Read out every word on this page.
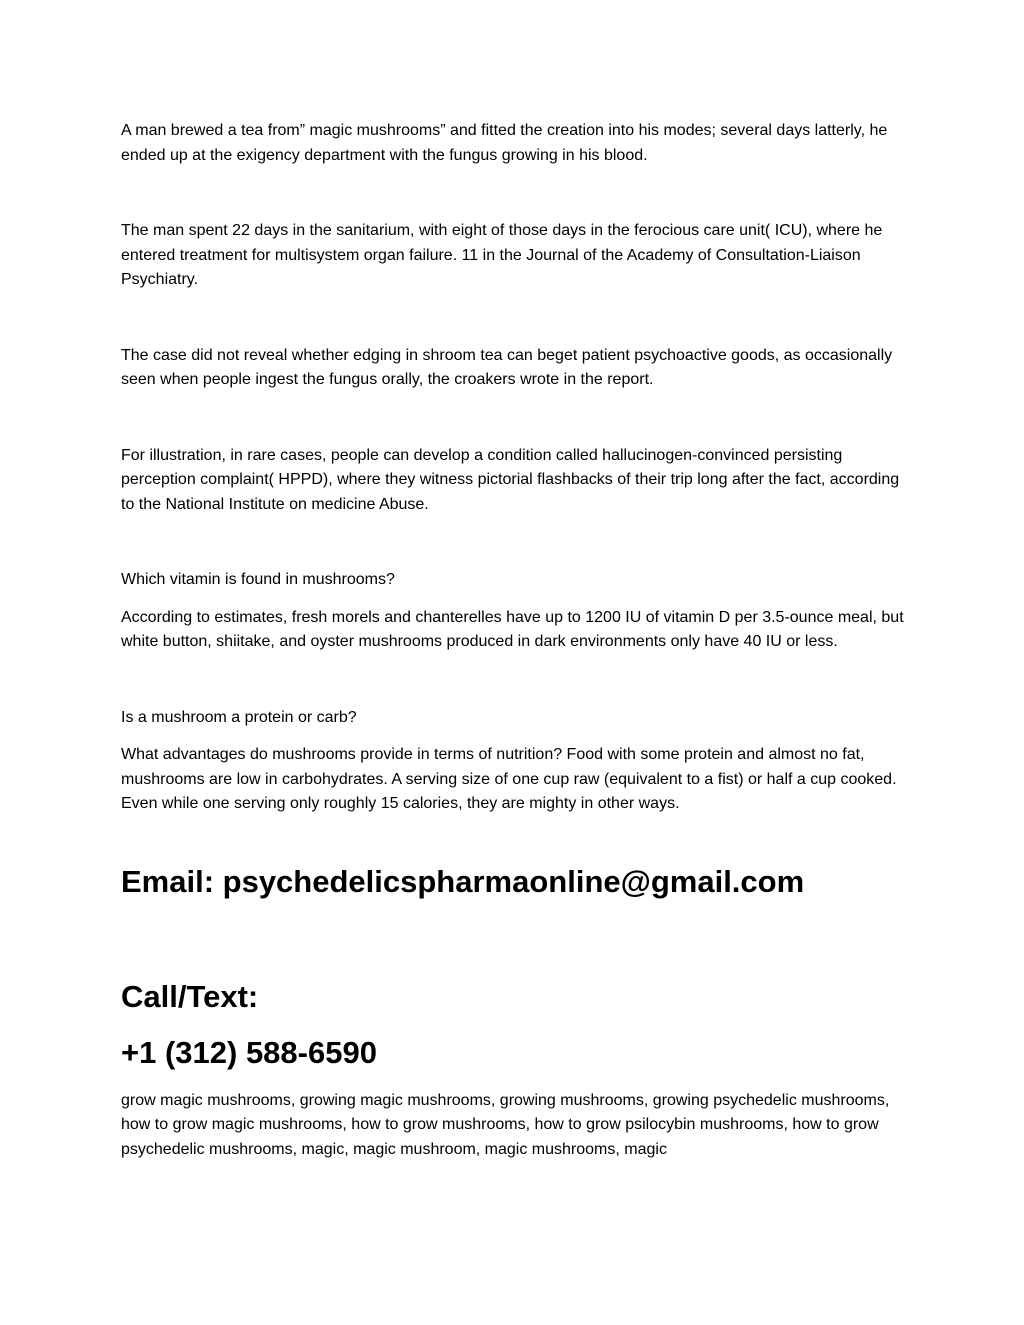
A man brewed a tea from” magic mushrooms” and fitted the creation into his modes; several days latterly, he ended up at the exigency department with the fungus growing in his blood.

The man spent 22 days in the sanitarium, with eight of those days in the ferocious care unit( ICU), where he entered treatment for multisystem organ failure. 11 in the Journal of the Academy of Consultation-Liaison Psychiatry.

The case did not reveal whether edging in shroom tea can beget patient psychoactive goods, as occasionally seen when people ingest the fungus orally, the croakers wrote in the report.

For illustration, in rare cases, people can develop a condition called hallucinogen-convinced persisting perception complaint( HPPD), where they witness pictorial flashbacks of their trip long after the fact, according to the National Institute on medicine Abuse.

Which vitamin is found in mushrooms?

According to estimates, fresh morels and chanterelles have up to 1200 IU of vitamin D per 3.5-ounce meal, but white button, shiitake, and oyster mushrooms produced in dark environments only have 40 IU or less.

Is a mushroom a protein or carb?

What advantages do mushrooms provide in terms of nutrition? Food with some protein and almost no fat, mushrooms are low in carbohydrates. A serving size of one cup raw (equivalent to a fist) or half a cup cooked. Even while one serving only roughly 15 calories, they are mighty in other ways.

Email: psychedelicspharmaonline@gmail.com

Call/Text:

+1 (312) 588-6590

grow magic mushrooms, growing magic mushrooms, growing mushrooms, growing psychedelic mushrooms, how to grow magic mushrooms, how to grow mushrooms, how to grow psilocybin mushrooms, how to grow psychedelic mushrooms, magic, magic mushroom, magic mushrooms, magic
